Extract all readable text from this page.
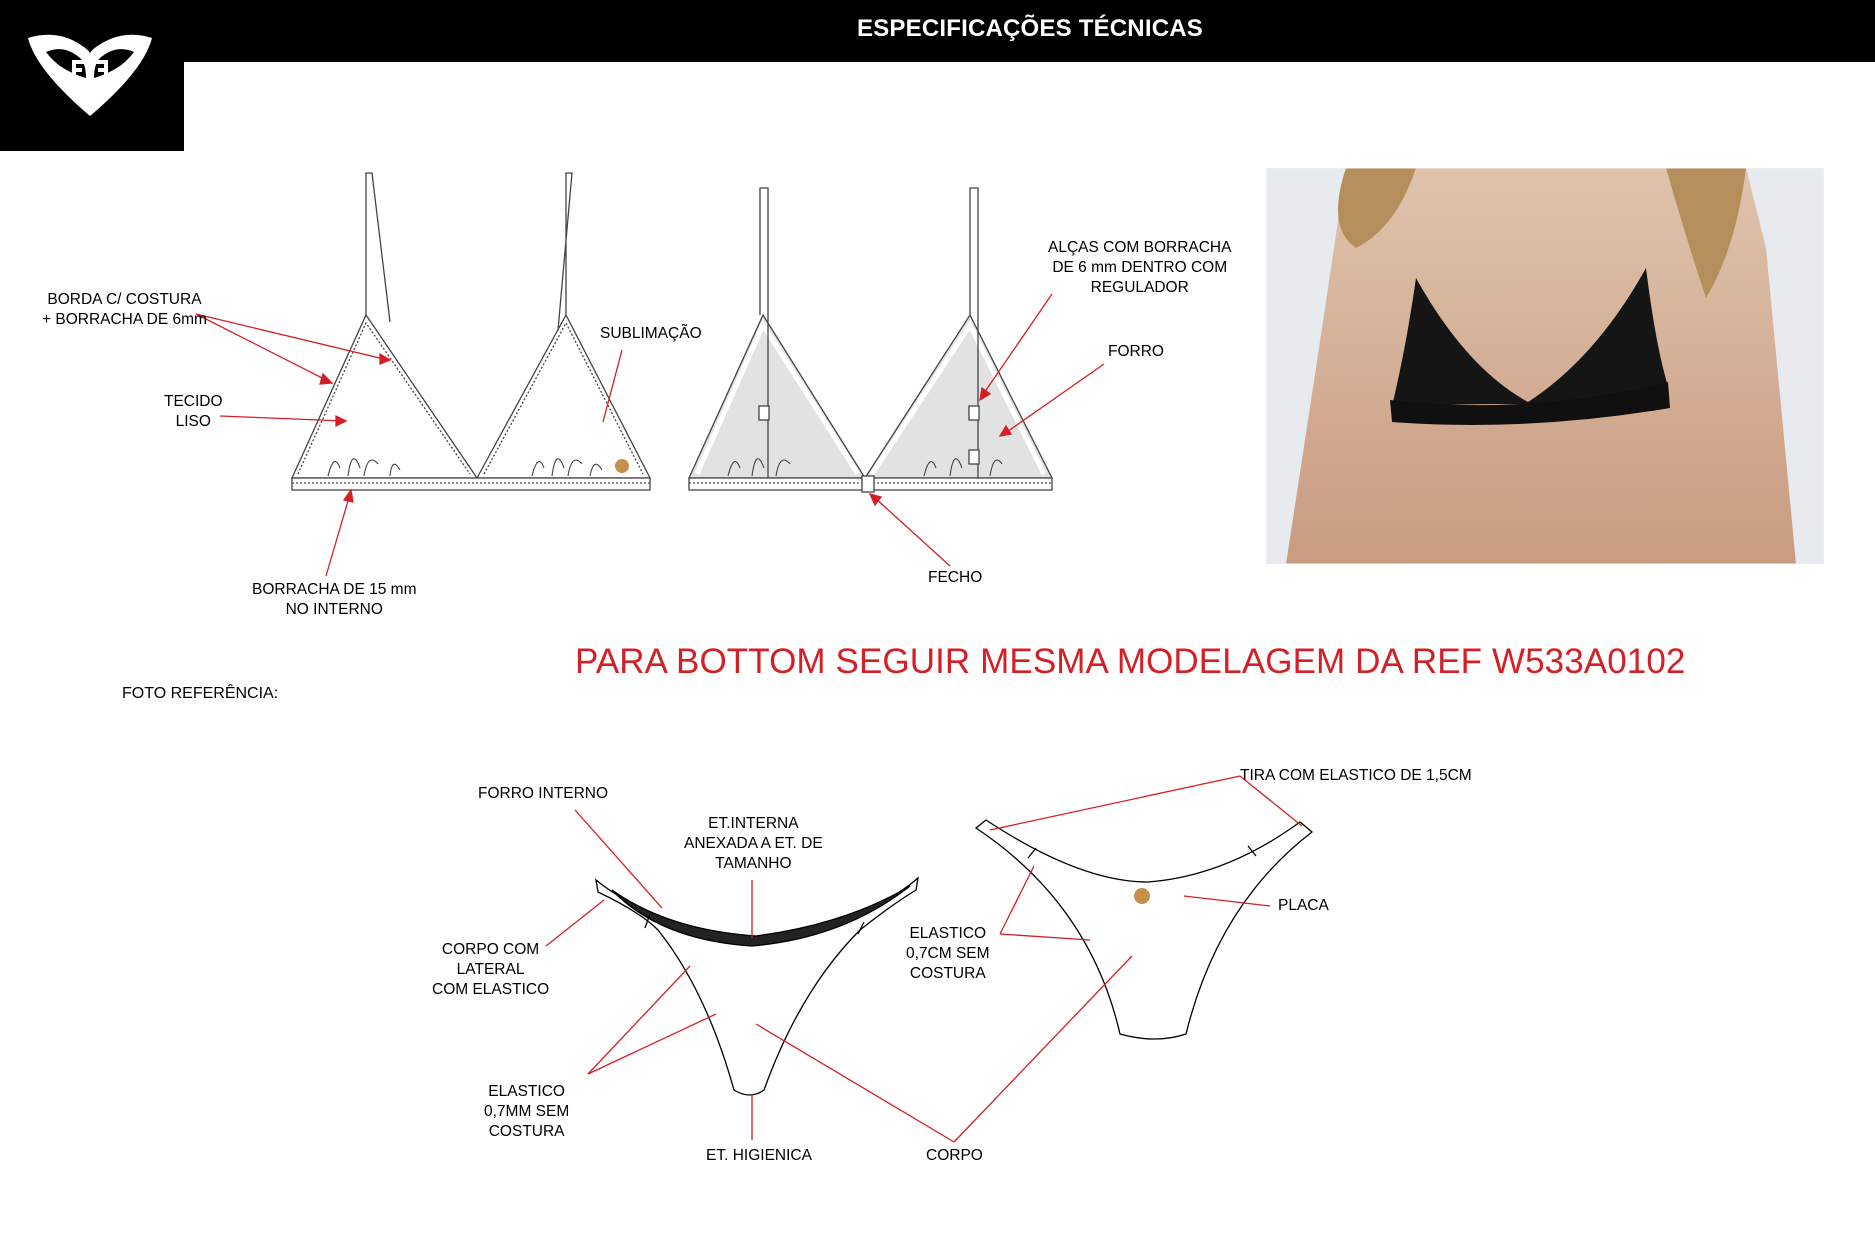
ESPECIFICAÇÕES TÉCNICAS
BORDA C/ COSTURA
+ BORRACHA DE 6mm
TECIDO
LISO
SUBLIMAÇÃO
BORRACHA DE 15 mm
NO INTERNO
ALÇAS COM BORRACHA
DE 6 mm DENTRO COM
REGULADOR
FORRO
FECHO
PARA BOTTOM SEGUIR MESMA MODELAGEM DA REF W533A0102
FOTO REFERÊNCIA:
FORRO INTERNO
ET.INTERNA
ANEXADA A ET. DE
TAMANHO
CORPO COM
LATERAL
COM ELASTICO
ELASTICO
0,7MM SEM
COSTURA
ET. HIGIENICA	CORPO
TIRA COM ELASTICO DE 1,5CM
PLACA
ELASTICO
0,7CM SEM
COSTURA
